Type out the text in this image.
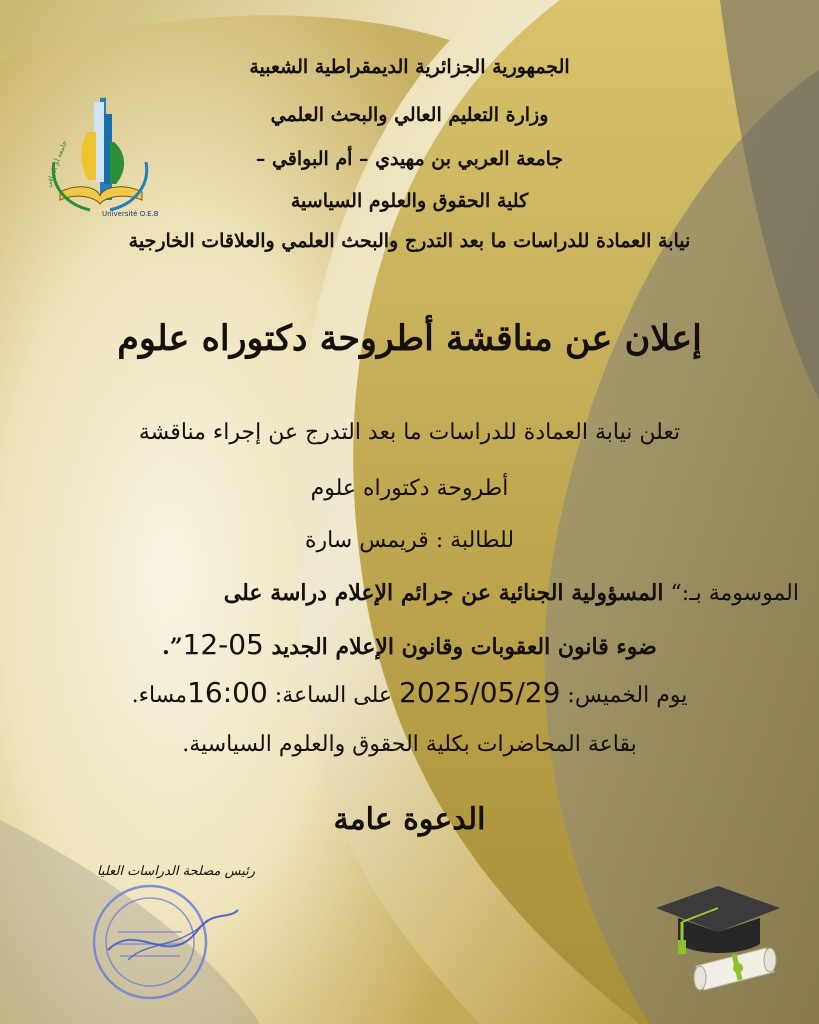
Université O.E.B
جامعة أم البواقي
الجمهورية الجزائرية الديمقراطية الشعبية
وزارة التعليم العالي والبحث العلمي
جامعة العربي بن مهيدي – أم البواقي –
كلية الحقوق والعلوم السياسية
نيابة العمادة للدراسات ما بعد التدرج والبحث العلمي والعلاقات الخارجية
إعلان عن مناقشة أطروحة دكتوراه علوم
تعلن نيابة العمادة للدراسات ما بعد التدرج عن إجراء مناقشة
أطروحة دكتوراه علوم
للطالبة : قريمس سارة
الموسومة بـ:“ المسؤولية الجنائية عن جرائم الإعلام دراسة على
ضوء قانون العقوبات وقانون الإعلام الجديد 12-05”.
يوم الخميس: 2025/05/29 على الساعة: 16:00مساء.
بقاعة المحاضرات بكلية الحقوق والعلوم السياسية.
الدعوة عامة
رئيس مصلحة الدراسات العليا
